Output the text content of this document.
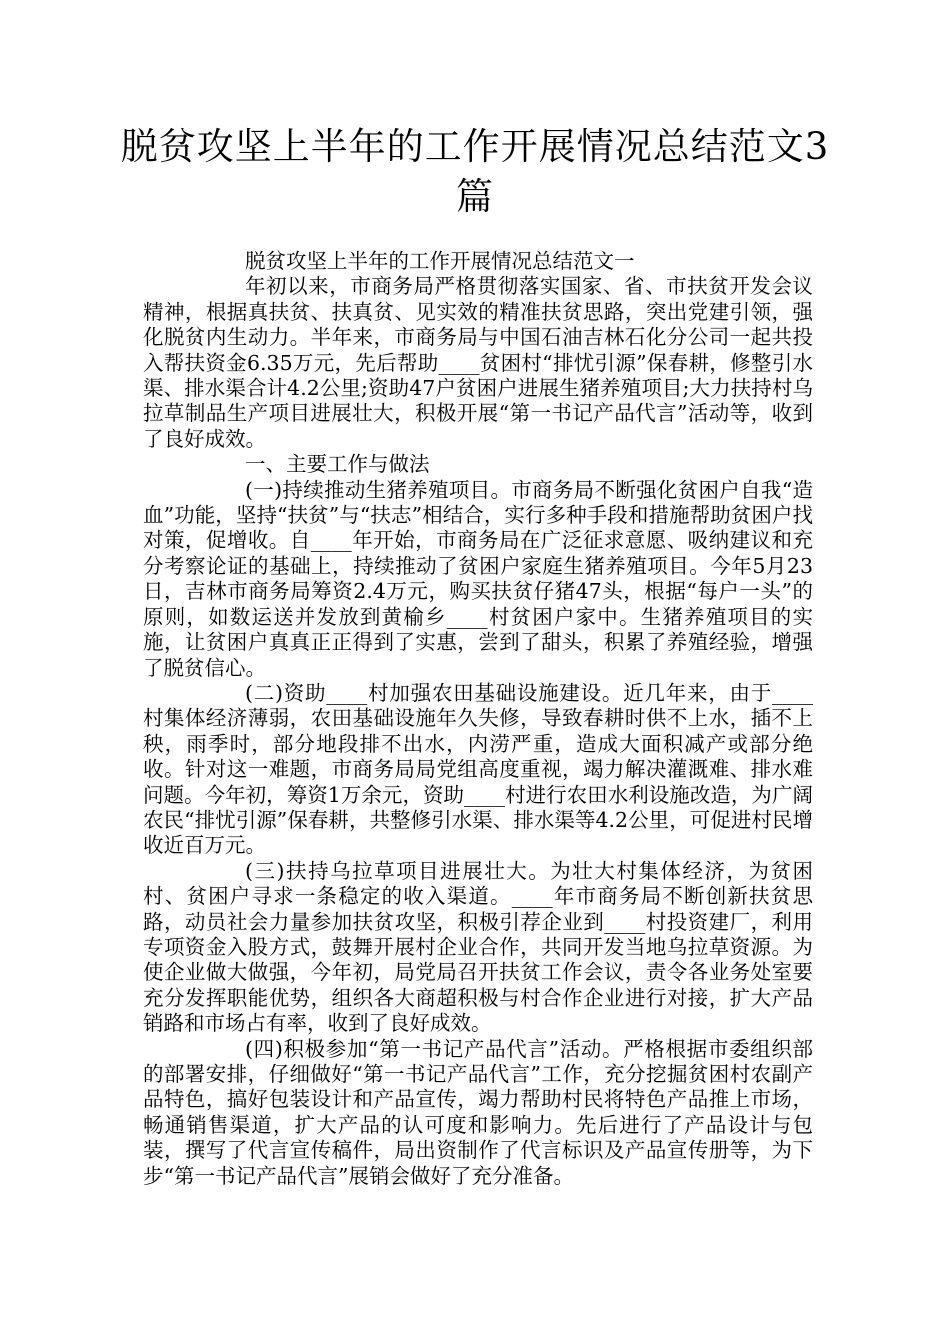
脱贫攻坚上半年的工作开展情况总结范文3篇

脱贫攻坚上半年的工作开展情况总结范文一

年初以来，市商务局严格贯彻落实国家、省、市扶贫开发会议精神，根据真扶贫、扶真贫、见实效的精准扶贫思路，突出党建引领，强化脱贫内生动力。半年来，市商务局与中国石油吉林石化分公司一起共投入帮扶资金6.35万元，先后帮助____贫困村“排忧引源”保春耕，修整引水渠、排水渠合计4.2公里;资助47户贫困户进展生猪养殖项目;大力扶持村乌拉草制品生产项目进展壮大，积极开展“第一书记产品代言”活动等，收到了良好成效。

一、主要工作与做法

(一)持续推动生猪养殖项目。市商务局不断强化贫困户自我“造血”功能，坚持“扶贫”与“扶志”相结合，实行多种手段和措施帮助贫困户找对策，促增收。自____年开始，市商务局在广泛征求意愿、吸纳建议和充分考察论证的基础上，持续推动了贫困户家庭生猪养殖项目。今年5月23日，吉林市商务局筹资2.4万元，购买扶贫仔猪47头，根据“每户一头”的原则，如数运送并发放到黄榆乡____村贫困户家中。生猪养殖项目的实施，让贫困户真真正正得到了实惠，尝到了甜头，积累了养殖经验，增强了脱贫信心。

(二)资助____村加强农田基础设施建设。近几年来，由于____村集体经济薄弱，农田基础设施年久失修，导致春耕时供不上水，插不上秧，雨季时，部分地段排不出水，内涝严重，造成大面积减产或部分绝收。针对这一难题，市商务局局党组高度重视，竭力解决灌溉难、排水难问题。今年初，筹资1万余元，资助____村进行农田水利设施改造，为广阔农民“排忧引源”保春耕，共整修引水渠、排水渠等4.2公里，可促进村民增收近百万元。

(三)扶持乌拉草项目进展壮大。为壮大村集体经济，为贫困村、贫困户寻求一条稳定的收入渠道。____年市商务局不断创新扶贫思路，动员社会力量参加扶贫攻坚，积极引荐企业到____村投资建厂，利用专项资金入股方式，鼓舞开展村企业合作，共同开发当地乌拉草资源。为使企业做大做强，今年初，局党局召开扶贫工作会议，责令各业务处室要充分发挥职能优势，组织各大商超积极与村合作企业进行对接，扩大产品销路和市场占有率，收到了良好成效。

(四)积极参加“第一书记产品代言”活动。严格根据市委组织部的部署安排，仔细做好“第一书记产品代言”工作，充分挖掘贫困村农副产品特色，搞好包装设计和产品宣传，竭力帮助村民将特色产品推上市场，畅通销售渠道，扩大产品的认可度和影响力。先后进行了产品设计与包装，撰写了代言宣传稿件，局出资制作了代言标识及产品宣传册等，为下步“第一书记产品代言”展销会做好了充分准备。
